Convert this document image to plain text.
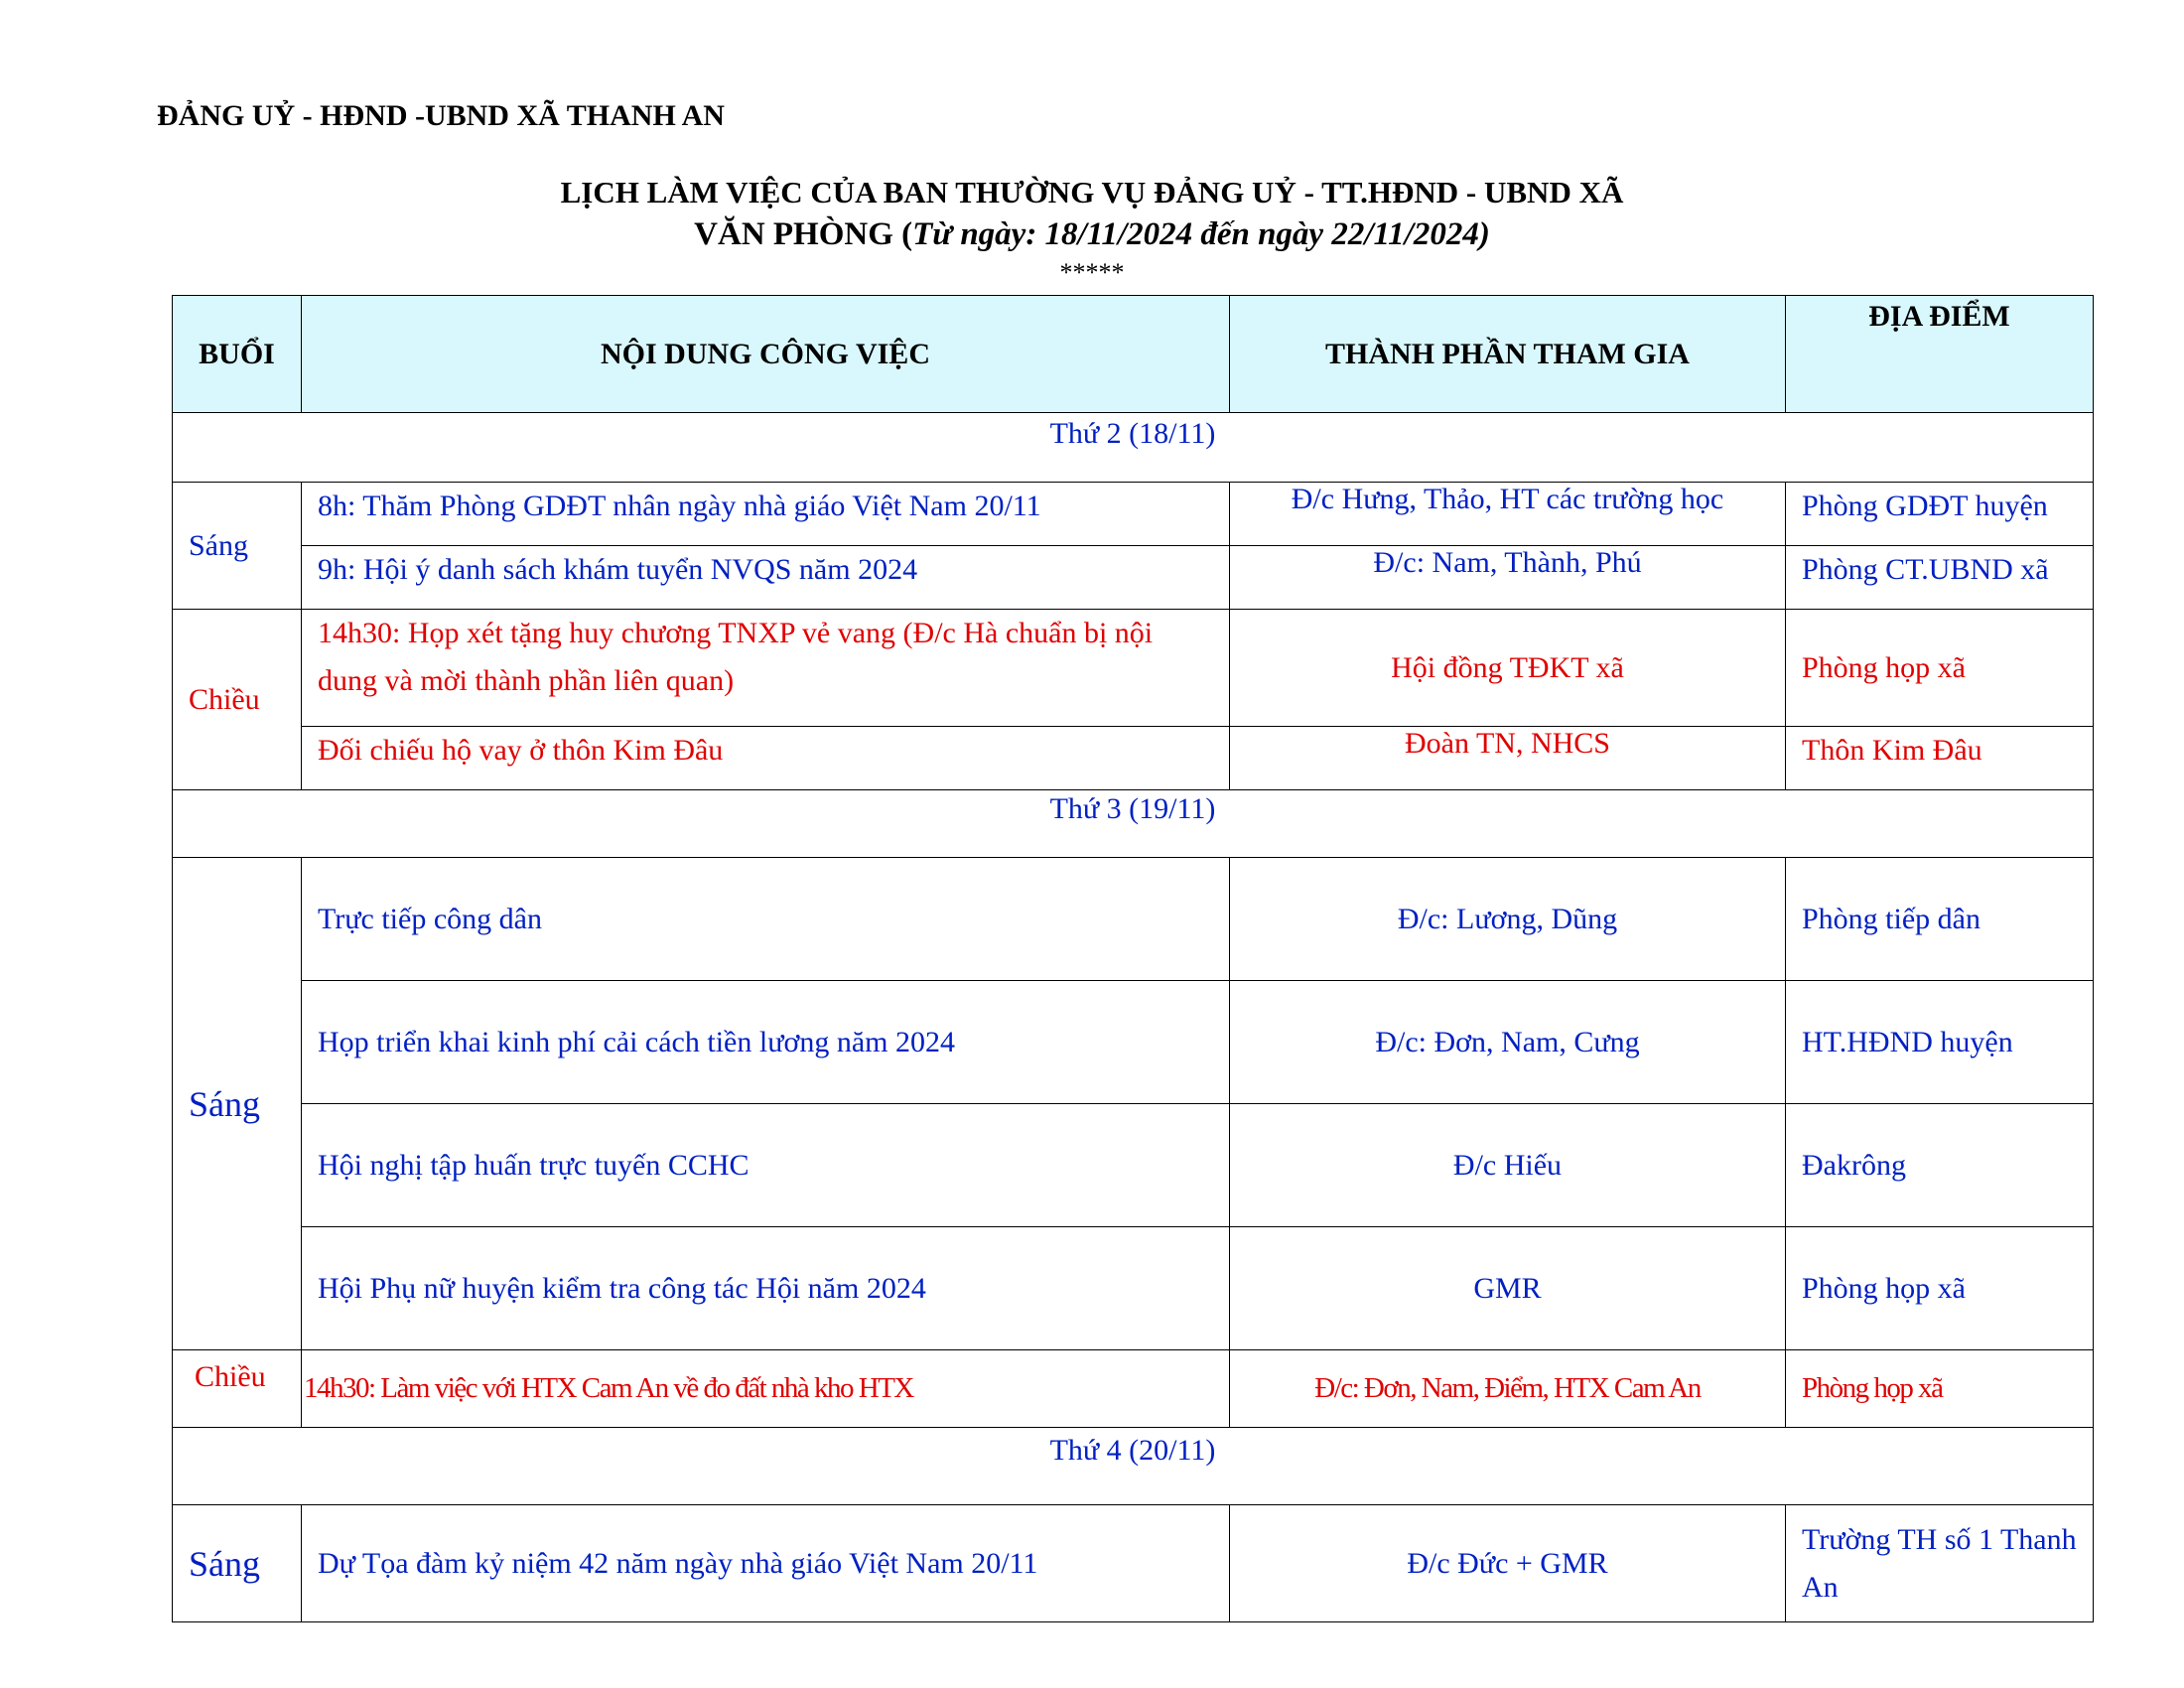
ĐẢNG UỶ - HĐND -UBND XÃ THANH AN
LỊCH LÀM VIỆC CỦA BAN THƯỜNG VỤ ĐẢNG UỶ - TT.HĐND - UBND XÃ
VĂN PHÒNG (Từ ngày: 18/11/2024 đến ngày 22/11/2024)
*****
BUỔI	NỘI DUNG CÔNG VIỆC	THÀNH PHẦN THAM GIA	ĐỊA ĐIỂM
Thứ 2 (18/11)			
Sáng	8h: Thăm Phòng GDĐT nhân ngày nhà giáo Việt Nam 20/11	Đ/c Hưng, Thảo, HT các trường học	Phòng GDĐT huyện
	9h: Hội ý danh sách khám tuyển NVQS năm 2024	Đ/c: Nam, Thành, Phú	Phòng CT.UBND xã
Chiều	14h30: Họp xét tặng huy chương TNXP vẻ vang (Đ/c Hà chuẩn bị nội dung và mời thành phần liên quan)	Hội đồng TĐKT xã	Phòng họp xã
	Đối chiếu hộ vay ở thôn Kim Đâu	Đoàn TN, NHCS	Thôn Kim Đâu
Thứ 3 (19/11)			
Sáng	Trực tiếp công dân	Đ/c: Lương, Dũng	Phòng tiếp dân
	Họp triển khai kinh phí cải cách tiền lương năm 2024	Đ/c: Đơn, Nam, Cưng	HT.HĐND huyện
	Hội nghị tập huấn trực tuyến CCHC	Đ/c Hiếu	Đakrông
	Hội Phụ nữ huyện kiểm tra công tác Hội năm 2024	GMR	Phòng họp xã
Chiều	14h30: Làm việc với HTX Cam An về đo đất nhà kho HTX	Đ/c: Đơn, Nam, Điểm, HTX Cam An	Phòng họp xã
Thứ 4 (20/11)			
Sáng	Dự Tọa đàm kỷ niệm 42 năm ngày nhà giáo Việt Nam 20/11	Đ/c Đức + GMR	Trường TH số 1 Thanh An
